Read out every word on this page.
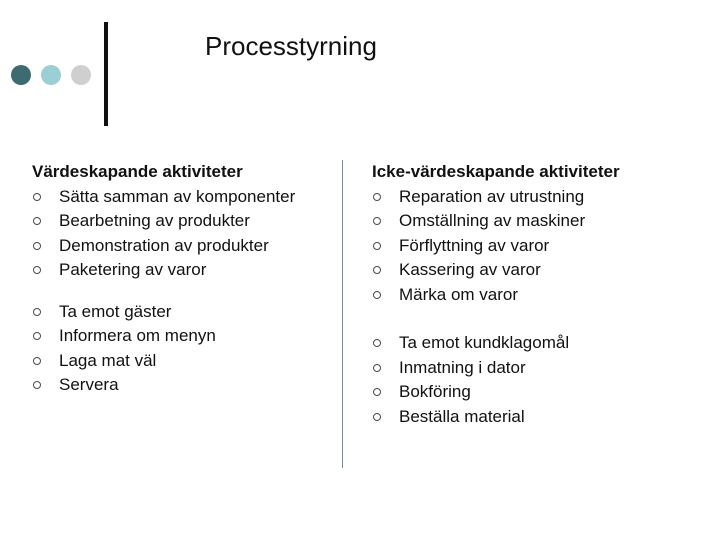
Processtyrning
Värdeskapande aktiviteter
Sätta samman av komponenter
Bearbetning av produkter
Demonstration av produkter
Paketering av varor
Ta emot gäster
Informera om menyn
Laga mat väl
Servera
Icke-värdeskapande aktiviteter
Reparation av utrustning
Omställning av maskiner
Förflyttning av varor
Kassering av varor
Märka om varor
Ta emot kundklagomål
Inmatning i dator
Bokföring
Beställa material
